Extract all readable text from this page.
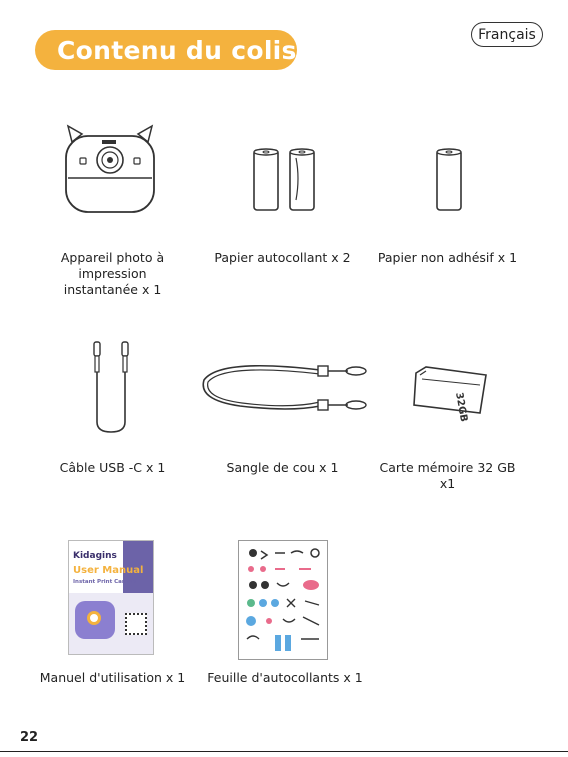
Contenu du colis
Français
Appareil photo à impression instantanée x 1
Papier autocollant x 2	Papier non adhésif x 1
Câble USB -C x 1	Sangle de cou x 1
32GB
Carte mémoire 32 GB x1
Kidagins
User Manual
Instant Print Camera
Manuel d'utilisation x 1	Feuille d'autocollants x 1
22
